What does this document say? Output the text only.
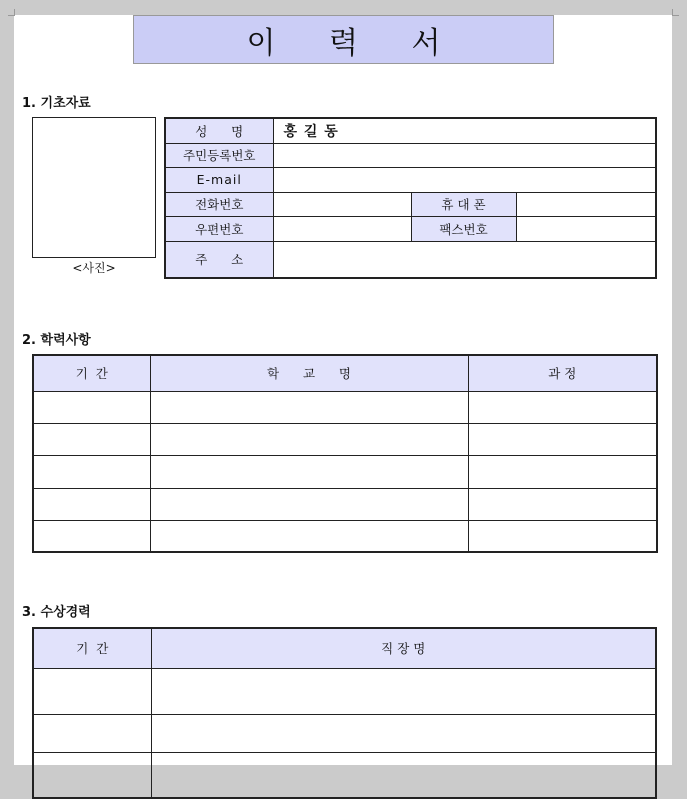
이 력 서
1. 기초자료
<사진>
성      명	홍 길 동		
주민등록번호			
E-mail			
전화번호		휴 대 폰	
우편번호		팩스번호	
주      소			
2. 학력사항
기  간	학      교      명	과 정

3. 수상경력
기  간	직 장 명
